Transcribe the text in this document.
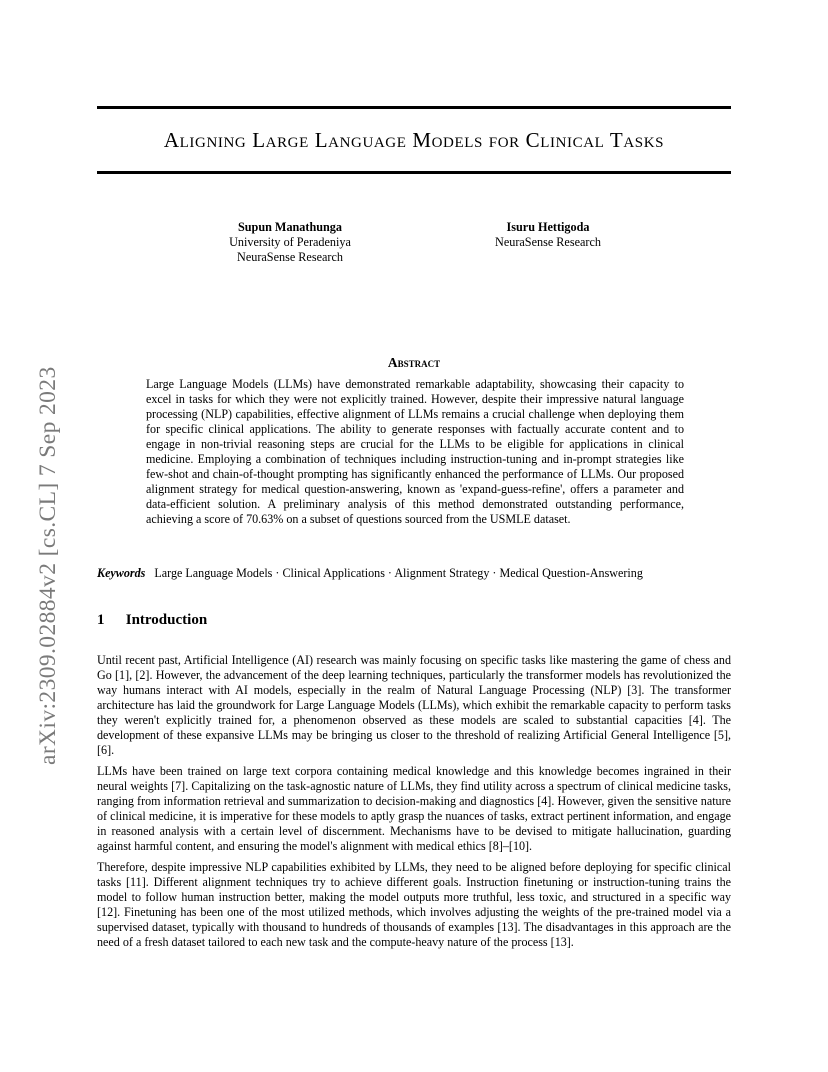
Aligning Large Language Models for Clinical Tasks
Supun Manathunga
University of Peradeniya
NeuraSense Research
Isuru Hettigoda
NeuraSense Research
arXiv:2309.02884v2 [cs.CL] 7 Sep 2023
Abstract

Large Language Models (LLMs) have demonstrated remarkable adaptability, showcasing their capacity to excel in tasks for which they were not explicitly trained. However, despite their impressive natural language processing (NLP) capabilities, effective alignment of LLMs remains a crucial challenge when deploying them for specific clinical applications. The ability to generate responses with factually accurate content and to engage in non-trivial reasoning steps are crucial for the LLMs to be eligible for applications in clinical medicine. Employing a combination of techniques including instruction-tuning and in-prompt strategies like few-shot and chain-of-thought prompting has significantly enhanced the performance of LLMs. Our proposed alignment strategy for medical question-answering, known as 'expand-guess-refine', offers a parameter and data-efficient solution. A preliminary analysis of this method demonstrated outstanding performance, achieving a score of 70.63% on a subset of questions sourced from the USMLE dataset.

Keywords Large Language Models · Clinical Applications · Alignment Strategy · Medical Question-Answering
1 Introduction

Until recent past, Artificial Intelligence (AI) research was mainly focusing on specific tasks like mastering the game of chess and Go [1], [2]. However, the advancement of the deep learning techniques, particularly the transformer models has revolutionized the way humans interact with AI models, especially in the realm of Natural Language Processing (NLP) [3]. The transformer architecture has laid the groundwork for Large Language Models (LLMs), which exhibit the remarkable capacity to perform tasks they weren't explicitly trained for, a phenomenon observed as these models are scaled to substantial capacities [4]. The development of these expansive LLMs may be bringing us closer to the threshold of realizing Artificial General Intelligence [5], [6].

LLMs have been trained on large text corpora containing medical knowledge and this knowledge becomes ingrained in their neural weights [7]. Capitalizing on the task-agnostic nature of LLMs, they find utility across a spectrum of clinical medicine tasks, ranging from information retrieval and summarization to decision-making and diagnostics [4]. However, given the sensitive nature of clinical medicine, it is imperative for these models to aptly grasp the nuances of tasks, extract pertinent information, and engage in reasoned analysis with a certain level of discernment. Mechanisms have to be devised to mitigate hallucination, guarding against harmful content, and ensuring the model's alignment with medical ethics [8]–[10].

Therefore, despite impressive NLP capabilities exhibited by LLMs, they need to be aligned before deploying for specific clinical tasks [11]. Different alignment techniques try to achieve different goals. Instruction finetuning or instruction-tuning trains the model to follow human instruction better, making the model outputs more truthful, less toxic, and structured in a specific way [12]. Finetuning has been one of the most utilized methods, which involves adjusting the weights of the pre-trained model via a supervised dataset, typically with thousand to hundreds of thousands of examples [13]. The disadvantages in this approach are the need of a fresh dataset tailored to each new task and the compute-heavy nature of the process [13].
